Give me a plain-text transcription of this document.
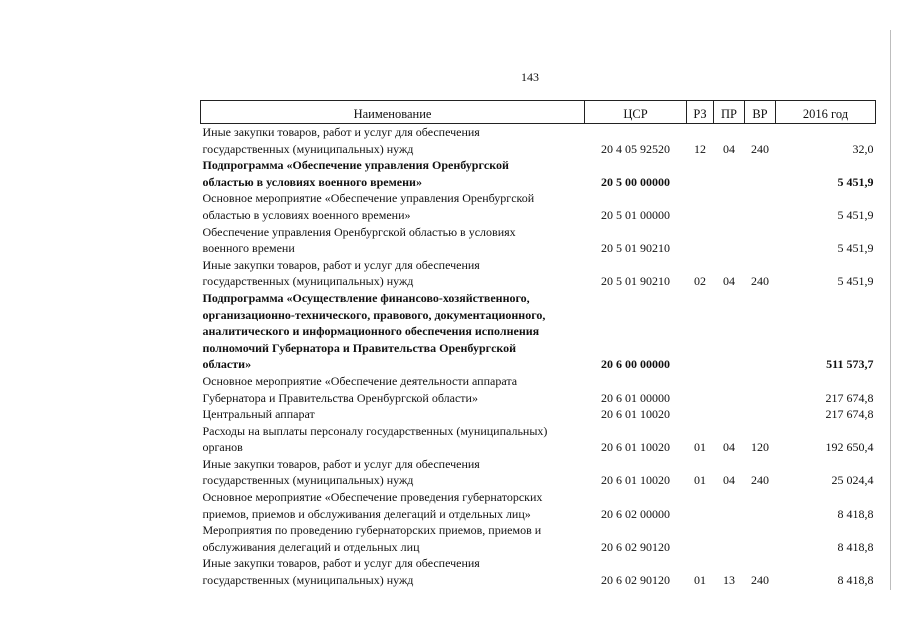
143
Наименование	ЦСР	РЗ	ПР	ВР	2016 год

Иные закупки товаров, работ и услуг для обеспечения
государственных (муниципальных) нужд	20 4 05 92520	12	04	240	32,0

Подпрограмма «Обеспечение управления Оренбургской
областью в условиях военного времени»	20 5 00 00000				5 451,9

Основное мероприятие «Обеспечение управления Оренбургской
областью в условиях военного времени»	20 5 01 00000				5 451,9

Обеспечение управления Оренбургской областью в условиях
военного времени	20 5 01 90210				5 451,9

Иные закупки товаров, работ и услуг для обеспечения
государственных (муниципальных) нужд	20 5 01 90210	02	04	240	5 451,9

Подпрограмма «Осуществление финансово-хозяйственного,
организационно-технического, правового, документационного,
аналитического и информационного обеспечения исполнения
полномочий Губернатора и Правительства Оренбургской
области»	20 6 00 00000				511 573,7

Основное мероприятие «Обеспечение деятельности аппарата
Губернатора и Правительства Оренбургской области»	20 6 01 00000				217 674,8

Центральный аппарат	20 6 01 10020				217 674,8

Расходы на выплаты персоналу государственных (муниципальных)
органов	20 6 01 10020	01	04	120	192 650,4

Иные закупки товаров, работ и услуг для обеспечения
государственных (муниципальных) нужд	20 6 01 10020	01	04	240	25 024,4

Основное мероприятие «Обеспечение проведения губернаторских
приемов, приемов и обслуживания делегаций и отдельных лиц»	20 6 02 00000				8 418,8

Мероприятия по проведению губернаторских приемов, приемов и
обслуживания делегаций и отдельных лиц	20 6 02 90120				8 418,8

Иные закупки товаров, работ и услуг для обеспечения
государственных (муниципальных) нужд	20 6 02 90120	01	13	240	8 418,8
